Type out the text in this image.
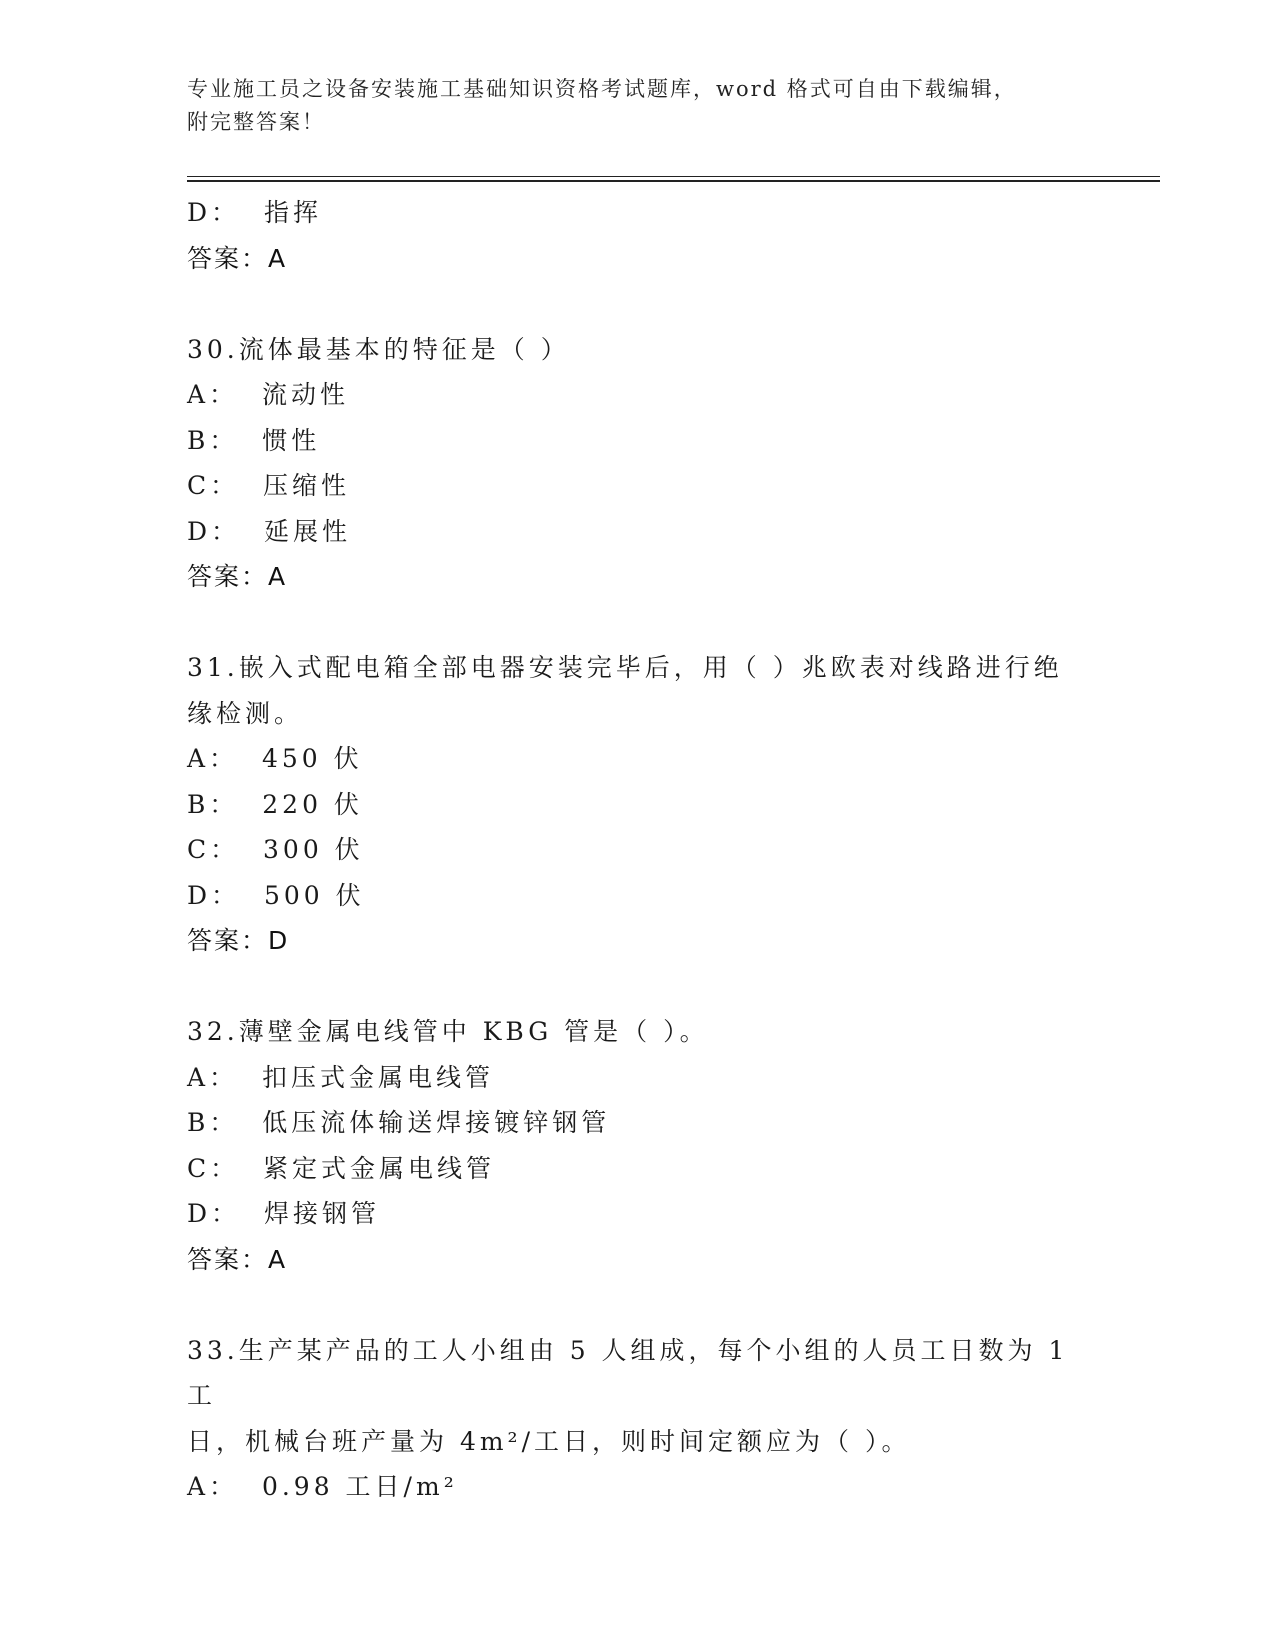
专业施工员之设备安装施工基础知识资格考试题库，word 格式可自由下载编辑，
附完整答案！
D：  指挥
答案：A
30.流体最基本的特征是（ ）
A：  流动性
B：  惯性
C：  压缩性
D：  延展性
答案：A
31.嵌入式配电箱全部电器安装完毕后，用（ ）兆欧表对线路进行绝
缘检测。
A：  450 伏
B：  220 伏
C：  300 伏
D：  500 伏
答案：D
32.薄壁金属电线管中 KBG 管是（ ）。
A：  扣压式金属电线管
B：  低压流体输送焊接镀锌钢管
C：  紧定式金属电线管
D：  焊接钢管
答案：A
33.生产某产品的工人小组由 5 人组成，每个小组的人员工日数为 1 工
日，机械台班产量为 4m²/工日，则时间定额应为（ ）。
A：  0.98 工日/m²
